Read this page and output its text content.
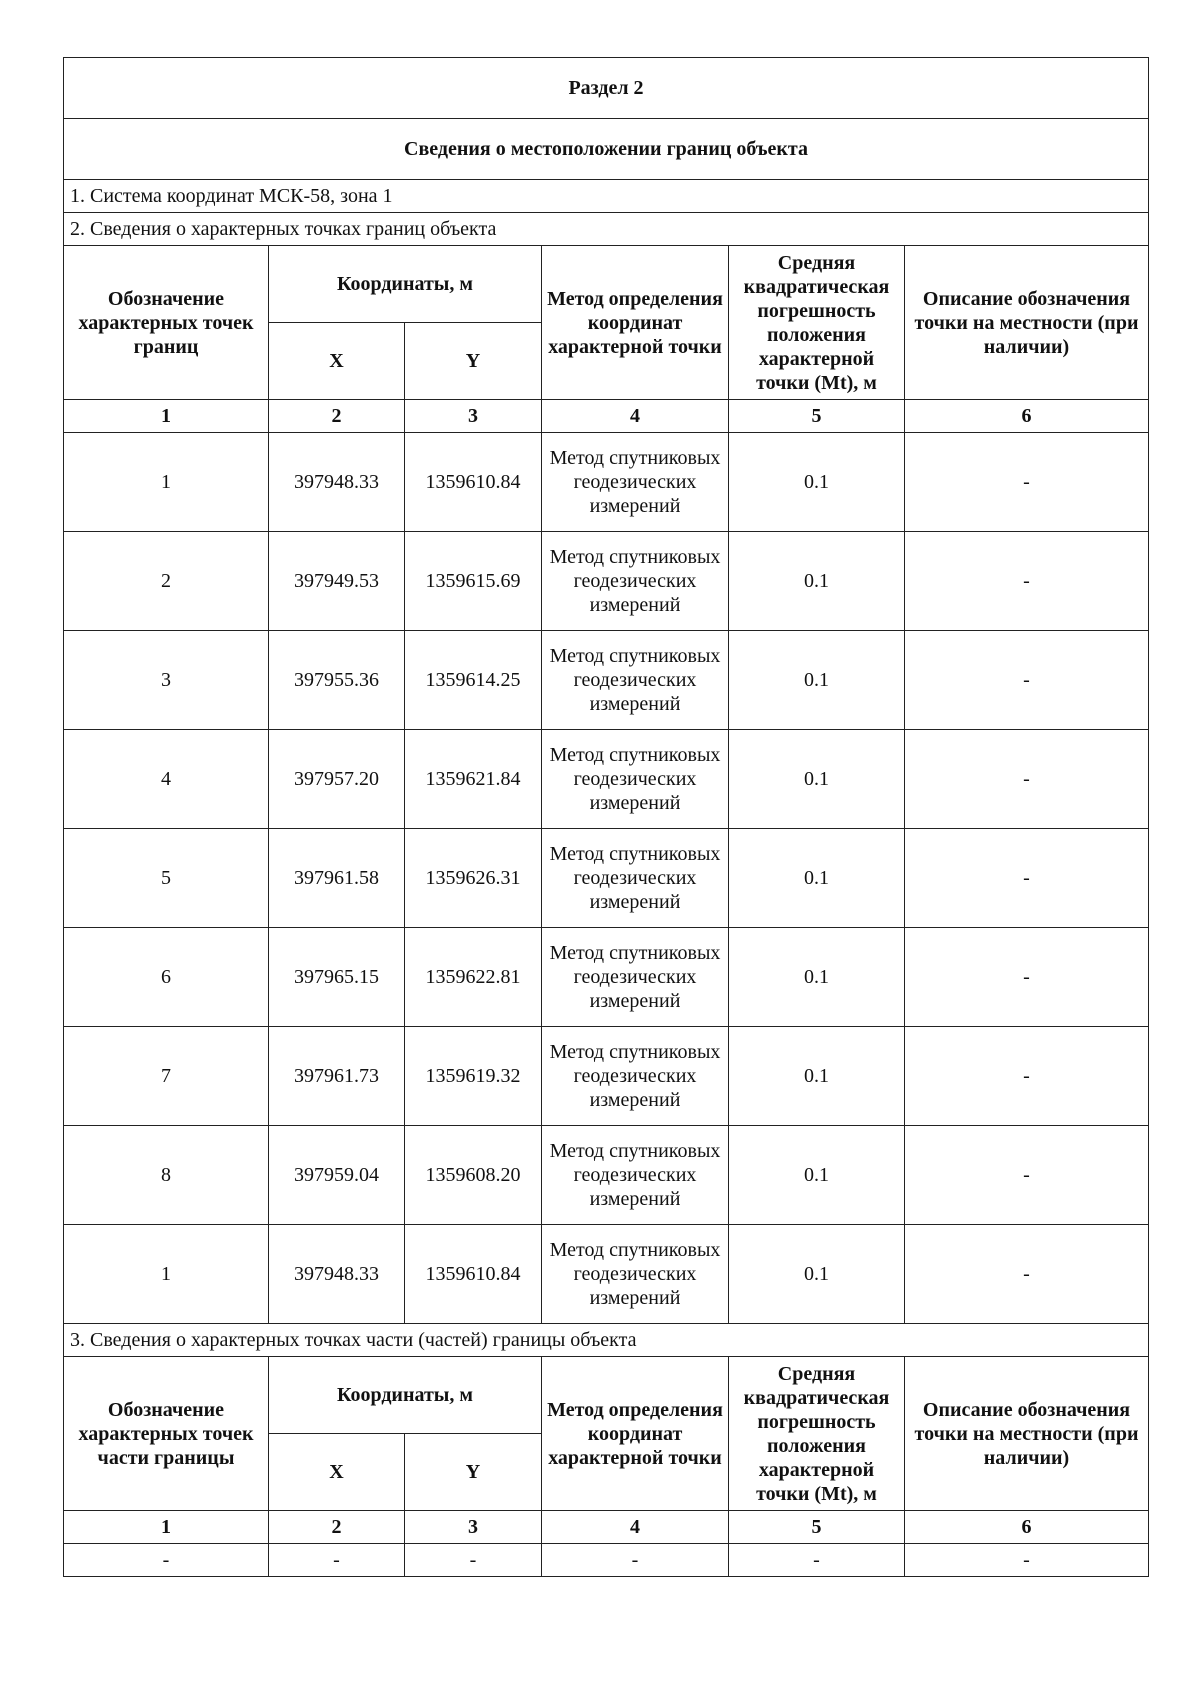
Раздел 2					
Сведения о местоположении границ объекта					
1. Система координат МСК-58, зона 1					
2. Сведения о характерных точках границ объекта					
Обозначение характерных точек границ	Координаты, м		Метод определения координат характерной точки	Средняя квадратическая погрешность положения характерной точки (Mt), м	Описание обозначения точки на местности (при наличии)
	X	Y			
1	2	3	4	5	6
1	397948.33	1359610.84	Метод спутниковых геодезических измерений	0.1	-
2	397949.53	1359615.69	Метод спутниковых геодезических измерений	0.1	-
3	397955.36	1359614.25	Метод спутниковых геодезических измерений	0.1	-
4	397957.20	1359621.84	Метод спутниковых геодезических измерений	0.1	-
5	397961.58	1359626.31	Метод спутниковых геодезических измерений	0.1	-
6	397965.15	1359622.81	Метод спутниковых геодезических измерений	0.1	-
7	397961.73	1359619.32	Метод спутниковых геодезических измерений	0.1	-
8	397959.04	1359608.20	Метод спутниковых геодезических измерений	0.1	-
1	397948.33	1359610.84	Метод спутниковых геодезических измерений	0.1	-
3. Сведения о характерных точках части (частей) границы объекта					
Обозначение характерных точек части границы	Координаты, м		Метод определения координат характерной точки	Средняя квадратическая погрешность положения характерной точки (Mt), м	Описание обозначения точки на местности (при наличии)
	X	Y			
1	2	3	4	5	6
-	-	-	-	-	-
